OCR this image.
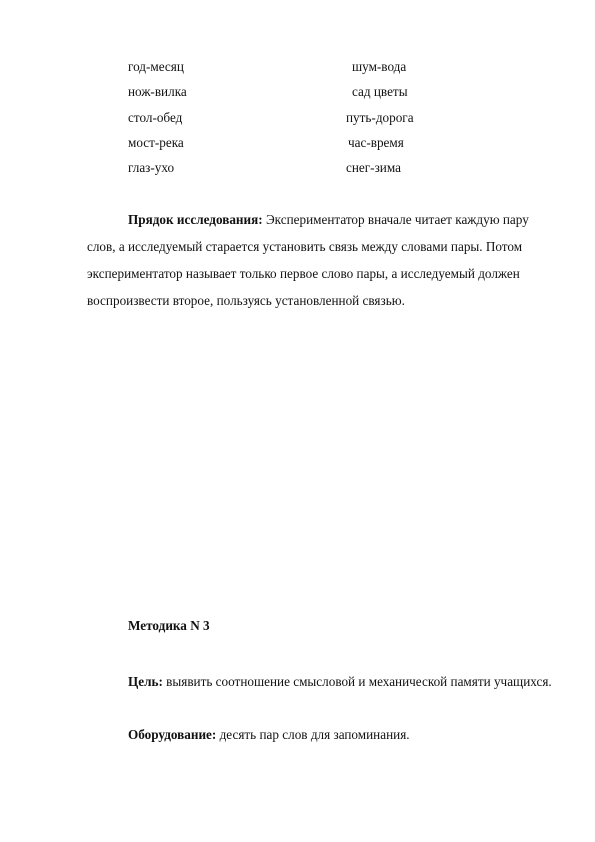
год-месяц
нож-вилка
стол-обед
мост-река
глаз-ухо
шум-вода
сад цветы
путь-дорога
час-время
снег-зима
Прядок исследования: Экспериментатор вначале читает каждую пару слов, а исследуемый старается установить связь между словами пары. Потом экспериментатор называет только первое слово пары, а исследуемый должен воспроизвести второе, пользуясь установленной связью.
Методика N 3
Цель: выявить соотношение смысловой и механической памяти учащихся.
Оборудование: десять пар слов для запоминания.
